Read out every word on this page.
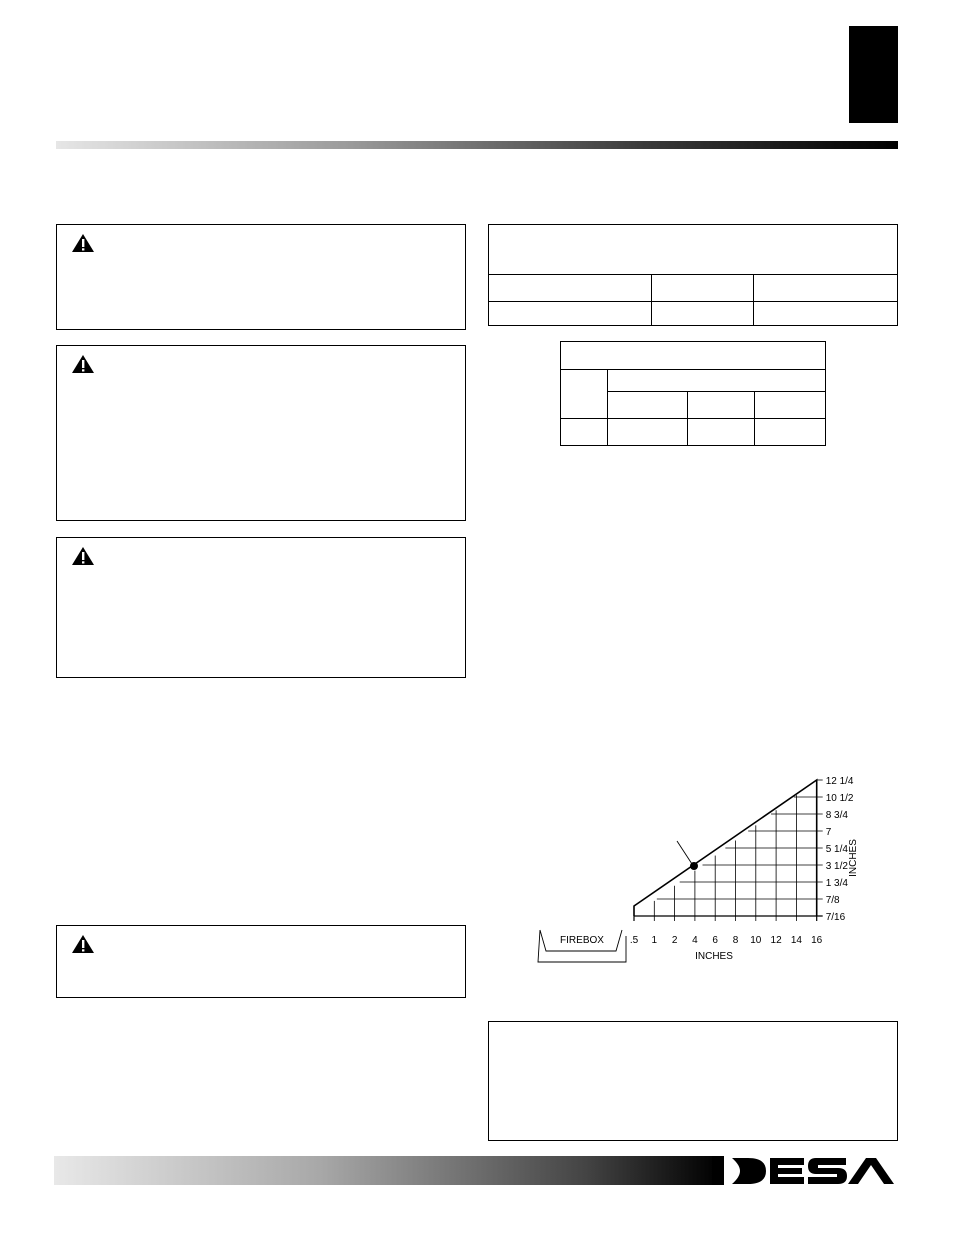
7/16
7/8
1 3/4
3 1/2
5 1/4
7
8 3/4
10 1/2
12 1/4
.5 1 2 4 6 8 10 12 14 16
INCHES
INCHES
FIREBOX
